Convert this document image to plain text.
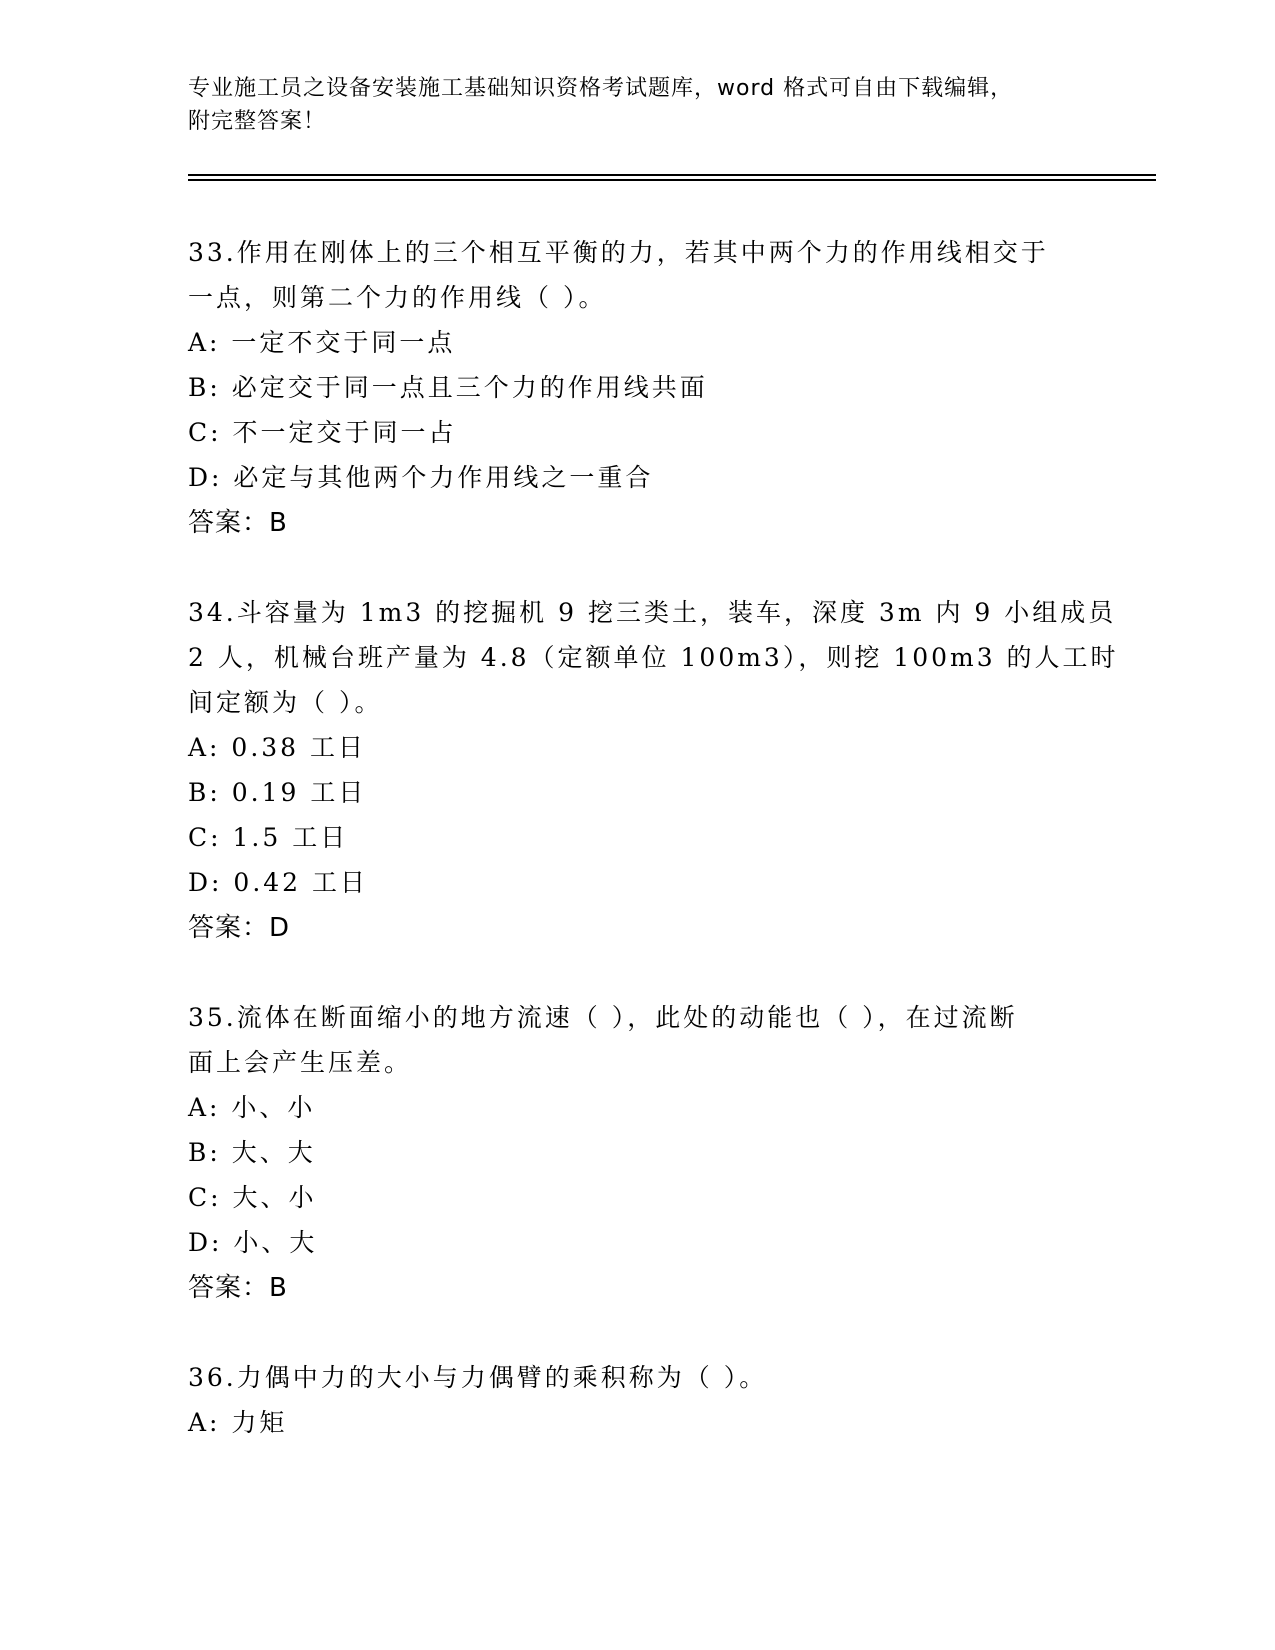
专业施工员之设备安装施工基础知识资格考试题库，word 格式可自由下载编辑，
附完整答案！
33.作用在刚体上的三个相互平衡的力，若其中两个力的作用线相交于
一点，则第二个力的作用线（ ）。
A: 一定不交于同一点
B: 必定交于同一点且三个力的作用线共面
C: 不一定交于同一占
D: 必定与其他两个力作用线之一重合
答案：B
34.斗容量为 1m3 的挖掘机 9 挖三类土，装车，深度 3m 内 9 小组成员
2 人，机械台班产量为 4.8（定额单位 100m3），则挖 100m3 的人工时
间定额为（ ）。
A: 0.38 工日
B: 0.19 工日
C: 1.5 工日
D: 0.42 工日
答案：D
35.流体在断面缩小的地方流速（ ），此处的动能也（ ），在过流断
面上会产生压差。
A: 小、小
B: 大、大
C: 大、小
D: 小、大
答案：B
36.力偶中力的大小与力偶臂的乘积称为（ ）。
A: 力矩
